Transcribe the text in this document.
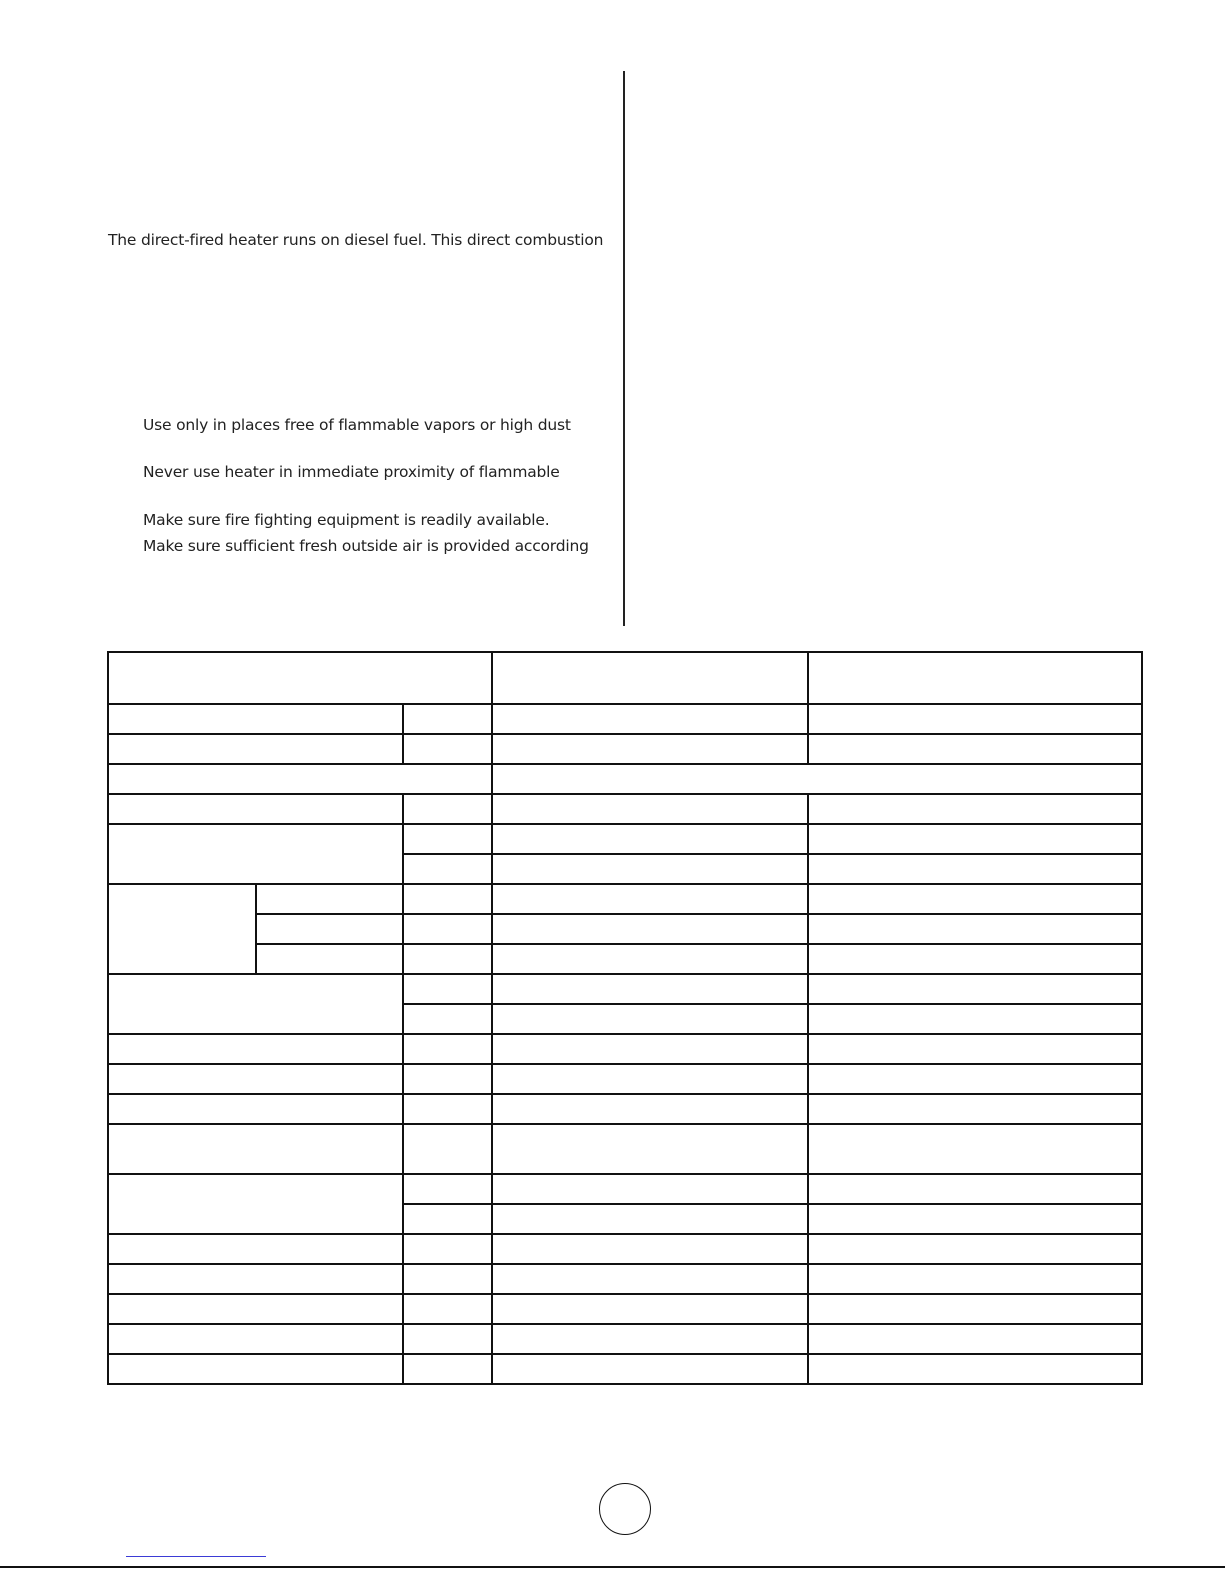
The direct-fired heater runs on diesel fuel. This direct combustion
Use only in places free of flammable vapors or high dust
Never use heater in immediate proximity of flammable
Make sure fire fighting equipment is readily available.
Make sure sufficient fresh outside air is provided according
